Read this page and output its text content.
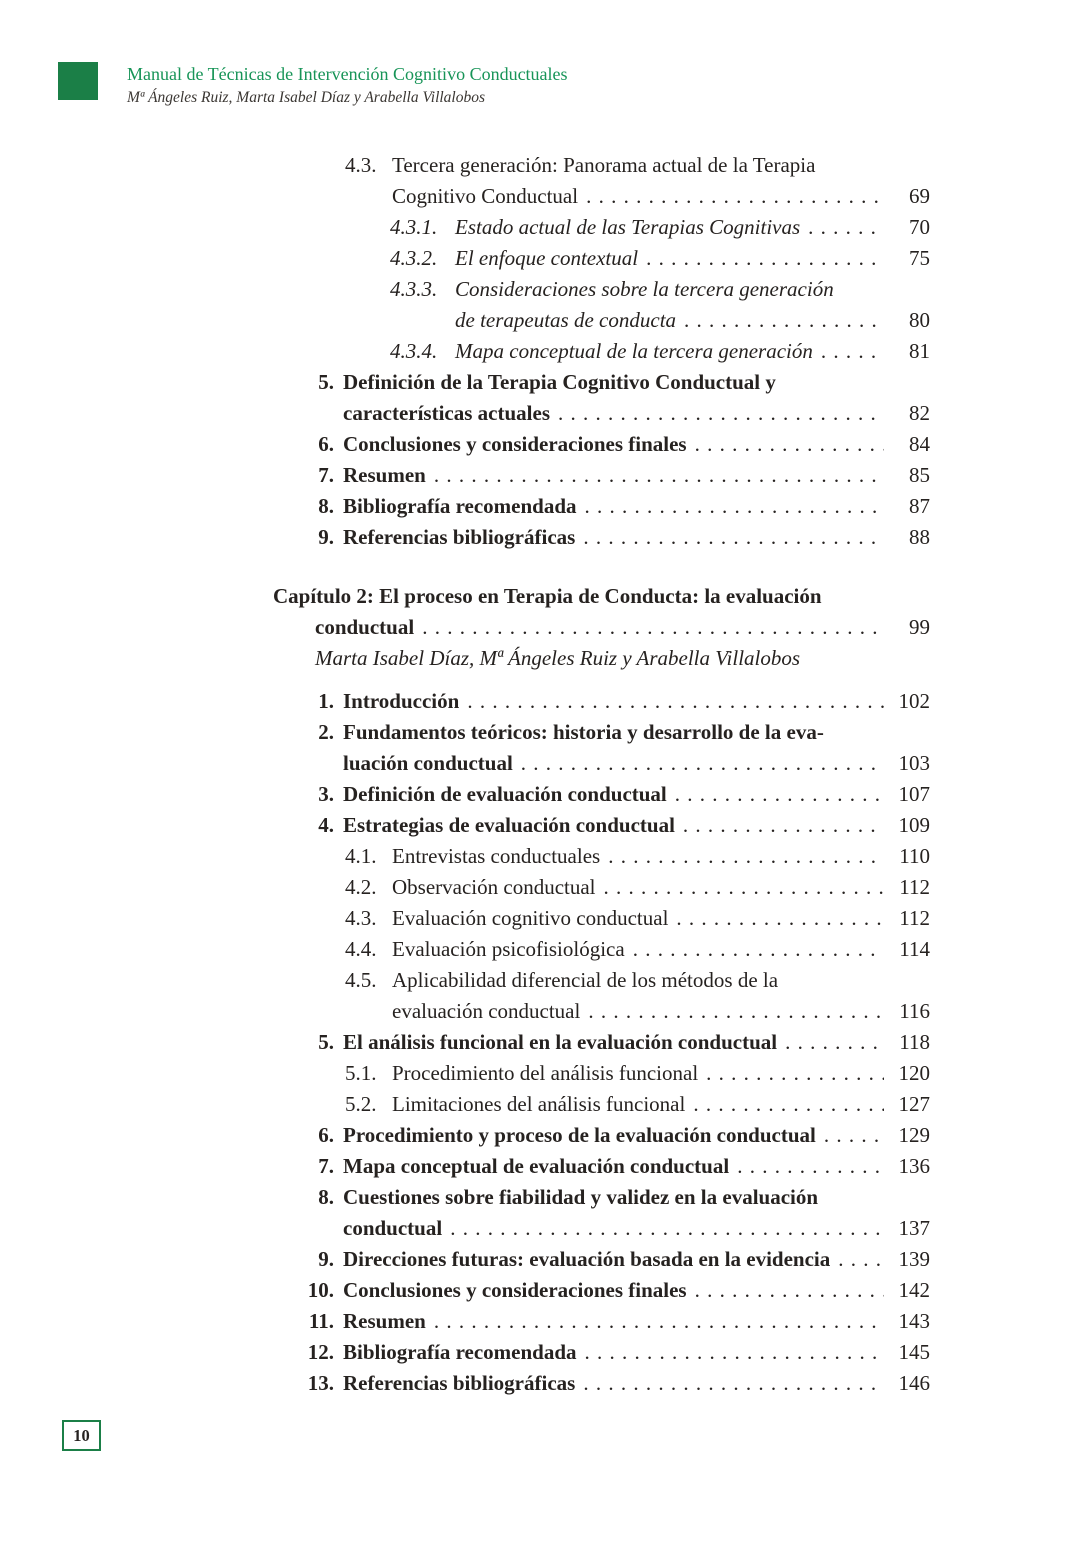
Manual de Técnicas de Intervención Cognitivo Conductuales
Mª Ángeles Ruiz, Marta Isabel Díaz y Arabella Villalobos
4.3. Tercera generación: Panorama actual de la Terapia
Cognitivo Conductual . . .	69
4.3.1. Estado actual de las Terapias Cognitivas . . .	70
4.3.2. El enfoque contextual . . .	75
4.3.3. Consideraciones sobre la tercera generación
de terapeutas de conducta . . .	80
4.3.4. Mapa conceptual de la tercera generación . . .	81
5. Definición de la Terapia Cognitivo Conductual y
características actuales . . .	82
6. Conclusiones y consideraciones finales . . .	84
7. Resumen . . .	85
8. Bibliografía recomendada . . .	87
9. Referencias bibliográficas . . .	88
Capítulo 2: El proceso en Terapia de Conducta: la evaluación
conductual . . .	99
Marta Isabel Díaz, Mª Ángeles Ruiz y Arabella Villalobos
1. Introducción . . .	102
2. Fundamentos teóricos: historia y desarrollo de la eva-
luación conductual . . .	103
3. Definición de evaluación conductual . . .	107
4. Estrategias de evaluación conductual . . .	109
4.1. Entrevistas conductuales . . .	110
4.2. Observación conductual . . .	112
4.3. Evaluación cognitivo conductual . . .	112
4.4. Evaluación psicofisiológica . . .	114
4.5. Aplicabilidad diferencial de los métodos de la
evaluación conductual . . .	116
5. El análisis funcional en la evaluación conductual . . .	118
5.1. Procedimiento del análisis funcional . . .	120
5.2. Limitaciones del análisis funcional . . .	127
6. Procedimiento y proceso de la evaluación conductual . . .	129
7. Mapa conceptual de evaluación conductual . . .	136
8. Cuestiones sobre fiabilidad y validez en la evaluación
conductual . . .	137
9. Direcciones futuras: evaluación basada en la evidencia . . .	139
10. Conclusiones y consideraciones finales . . .	142
11. Resumen . . .	143
12. Bibliografía recomendada . . .	145
13. Referencias bibliográficas . . .	146
10
